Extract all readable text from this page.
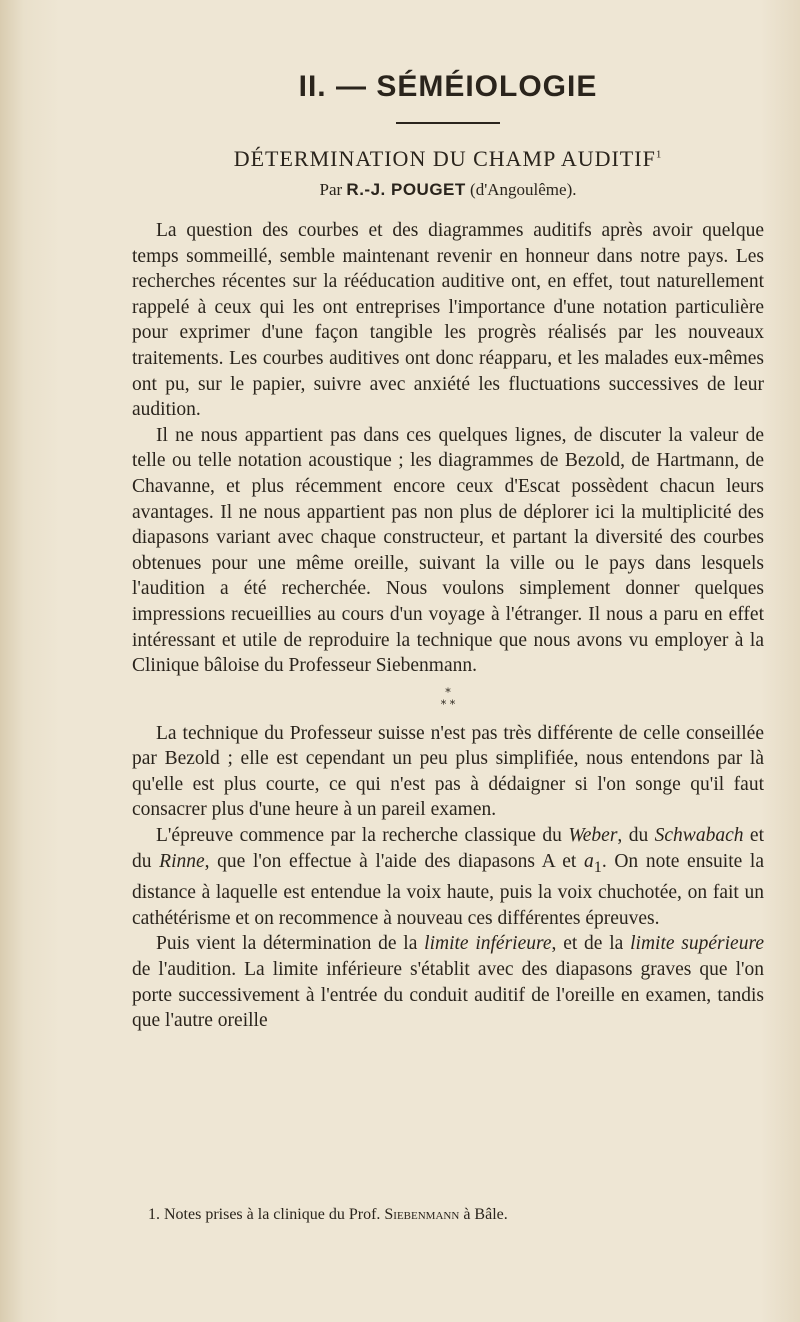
II. — SÉMÉIOLOGIE
DÉTERMINATION DU CHAMP AUDITIF$^1$
Par R.-J. POUGET (d'Angoulême).

La question des courbes et des diagrammes auditifs après avoir quelque temps sommeillé, semble maintenant revenir en honneur dans notre pays. Les recherches récentes sur la rééducation auditive ont, en effet, tout naturellement rappelé à ceux qui les ont entreprises l'importance d'une notation particulière pour exprimer d'une façon tangible les progrès réalisés par les nouveaux traitements. Les courbes auditives ont donc réapparu, et les malades eux-mêmes ont pu, sur le papier, suivre avec anxiété les fluctuations successives de leur audition.

Il ne nous appartient pas dans ces quelques lignes, de discuter la valeur de telle ou telle notation acoustique ; les diagrammes de Bezold, de Hartmann, de Chavanne, et plus récemment encore ceux d'Escat possèdent chacun leurs avantages. Il ne nous appartient pas non plus de déplorer ici la multiplicité des diapasons variant avec chaque constructeur, et partant la diversité des courbes obtenues pour une même oreille, suivant la ville ou le pays dans lesquels l'audition a été recherchée. Nous voulons simplement donner quelques impressions recueillies au cours d'un voyage à l'étranger. Il nous a paru en effet intéressant et utile de reproduire la technique que nous avons vu employer à la Clinique bâloise du Professeur Siebenmann.

*
* *

La technique du Professeur suisse n'est pas très différente de celle conseillée par Bezold ; elle est cependant un peu plus simplifiée, nous entendons par là qu'elle est plus courte, ce qui n'est pas à dédaigner si l'on songe qu'il faut consacrer plus d'une heure à un pareil examen.

L'épreuve commence par la recherche classique du Weber, du Schwabach et du Rinne, que l'on effectue à l'aide des diapasons A et $a_1$. On note ensuite la distance à laquelle est entendue la voix haute, puis la voix chuchotée, on fait un cathétérisme et on recommence à nouveau ces différentes épreuves.

Puis vient la détermination de la limite inférieure, et de la limite supérieure de l'audition. La limite inférieure s'établit avec des diapasons graves que l'on porte successivement à l'entrée du conduit auditif de l'oreille en examen, tandis que l'autre oreille

1. Notes prises à la clinique du Prof. Siebenmann à Bâle.
